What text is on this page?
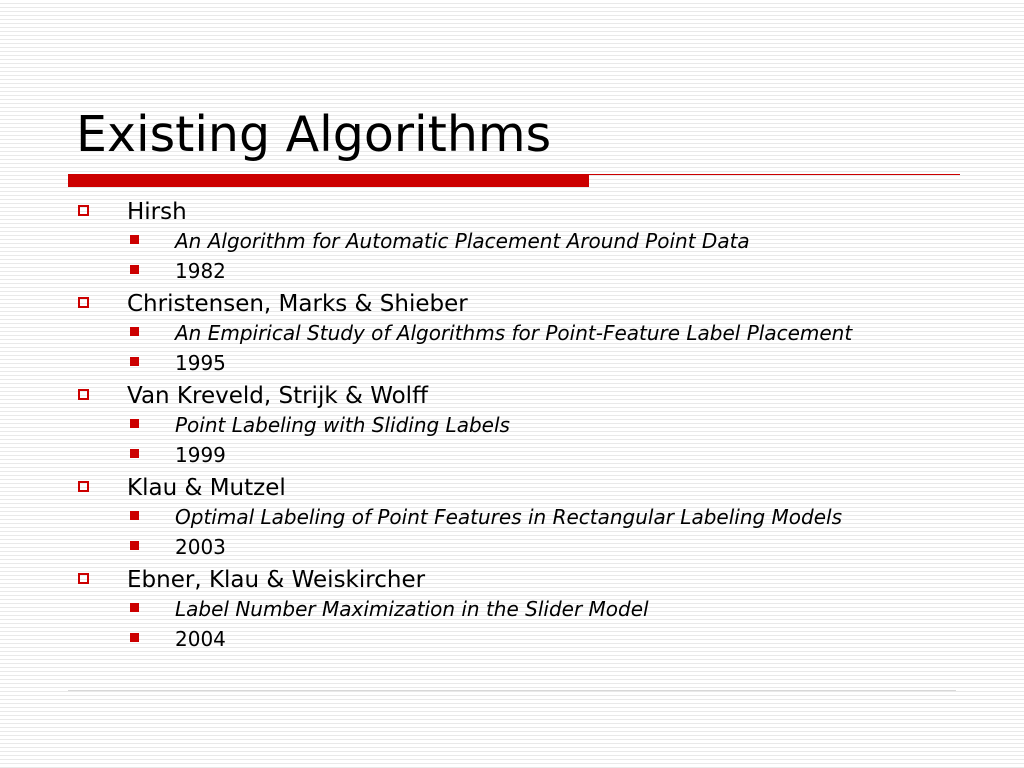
Existing Algorithms
Hirsh
An Algorithm for Automatic Placement Around Point Data
1982
Christensen, Marks & Shieber
An Empirical Study of Algorithms for Point-Feature Label Placement
1995
Van Kreveld, Strijk & Wolff
Point Labeling with Sliding Labels
1999
Klau & Mutzel
Optimal Labeling of Point Features in Rectangular Labeling Models
2003
Ebner, Klau & Weiskircher
Label Number Maximization in the Slider Model
2004
